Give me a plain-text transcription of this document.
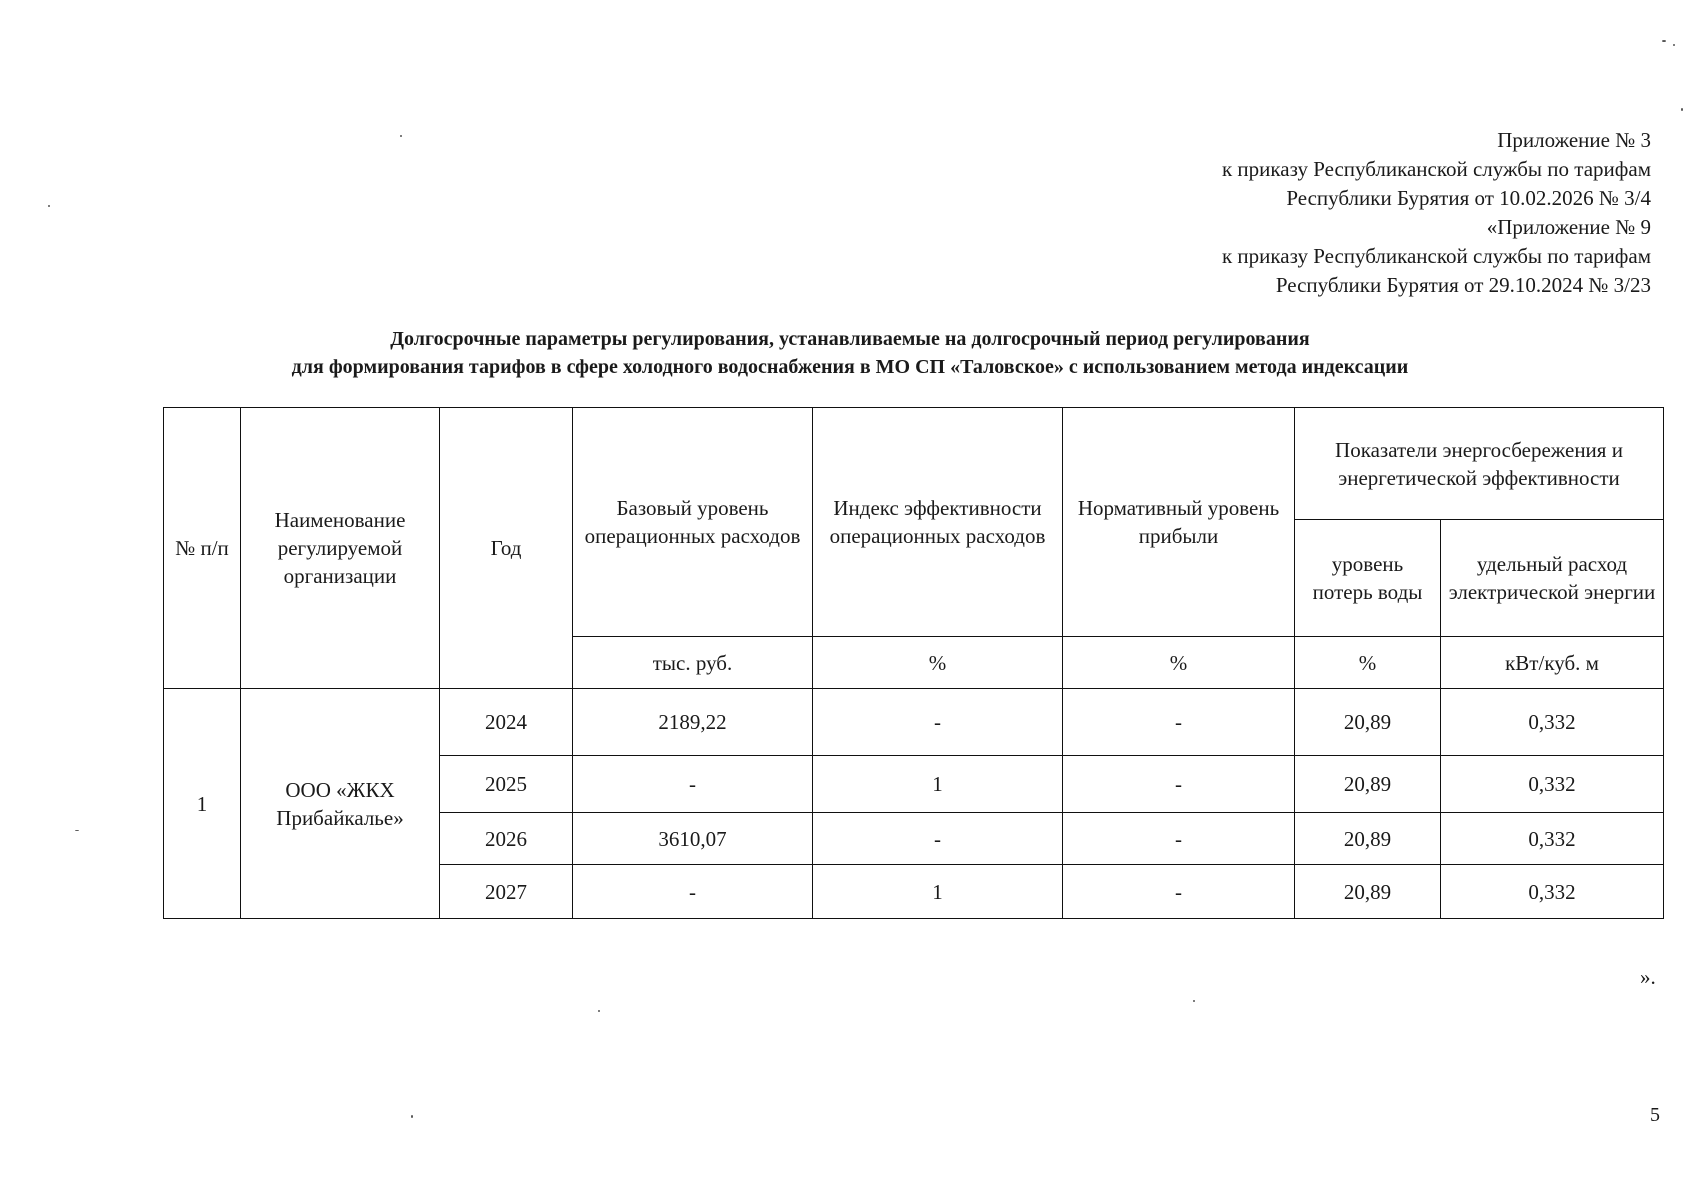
Приложение № 3
к приказу Республиканской службы по тарифам
Республики Бурятия от 10.02.2026 № 3/4
«Приложение № 9
к приказу Республиканской службы по тарифам
Республики Бурятия от 29.10.2024 № 3/23
Долгосрочные параметры регулирования, устанавливаемые на долгосрочный период регулирования
для формирования тарифов в сфере холодного водоснабжения в МО СП «Таловское» с использованием метода индексации
№ п/п	Наименование регулируемой организации	Год	Базовый уровень операционных расходов	Индекс эффективности операционных расходов	Нормативный уровень прибыли	Показатели энергосбережения и энергетической эффективности	
						уровень потерь воды	удельный расход электрической энергии
			тыс. руб.	%	%	%	кВт/куб. м
1	ООО «ЖКХ Прибайкалье»	2024	2189,22	-	-	20,89	0,332
		2025	-	1	-	20,89	0,332
		2026	3610,07	-	-	20,89	0,332
		2027	-	1	-	20,89	0,332
».
5
